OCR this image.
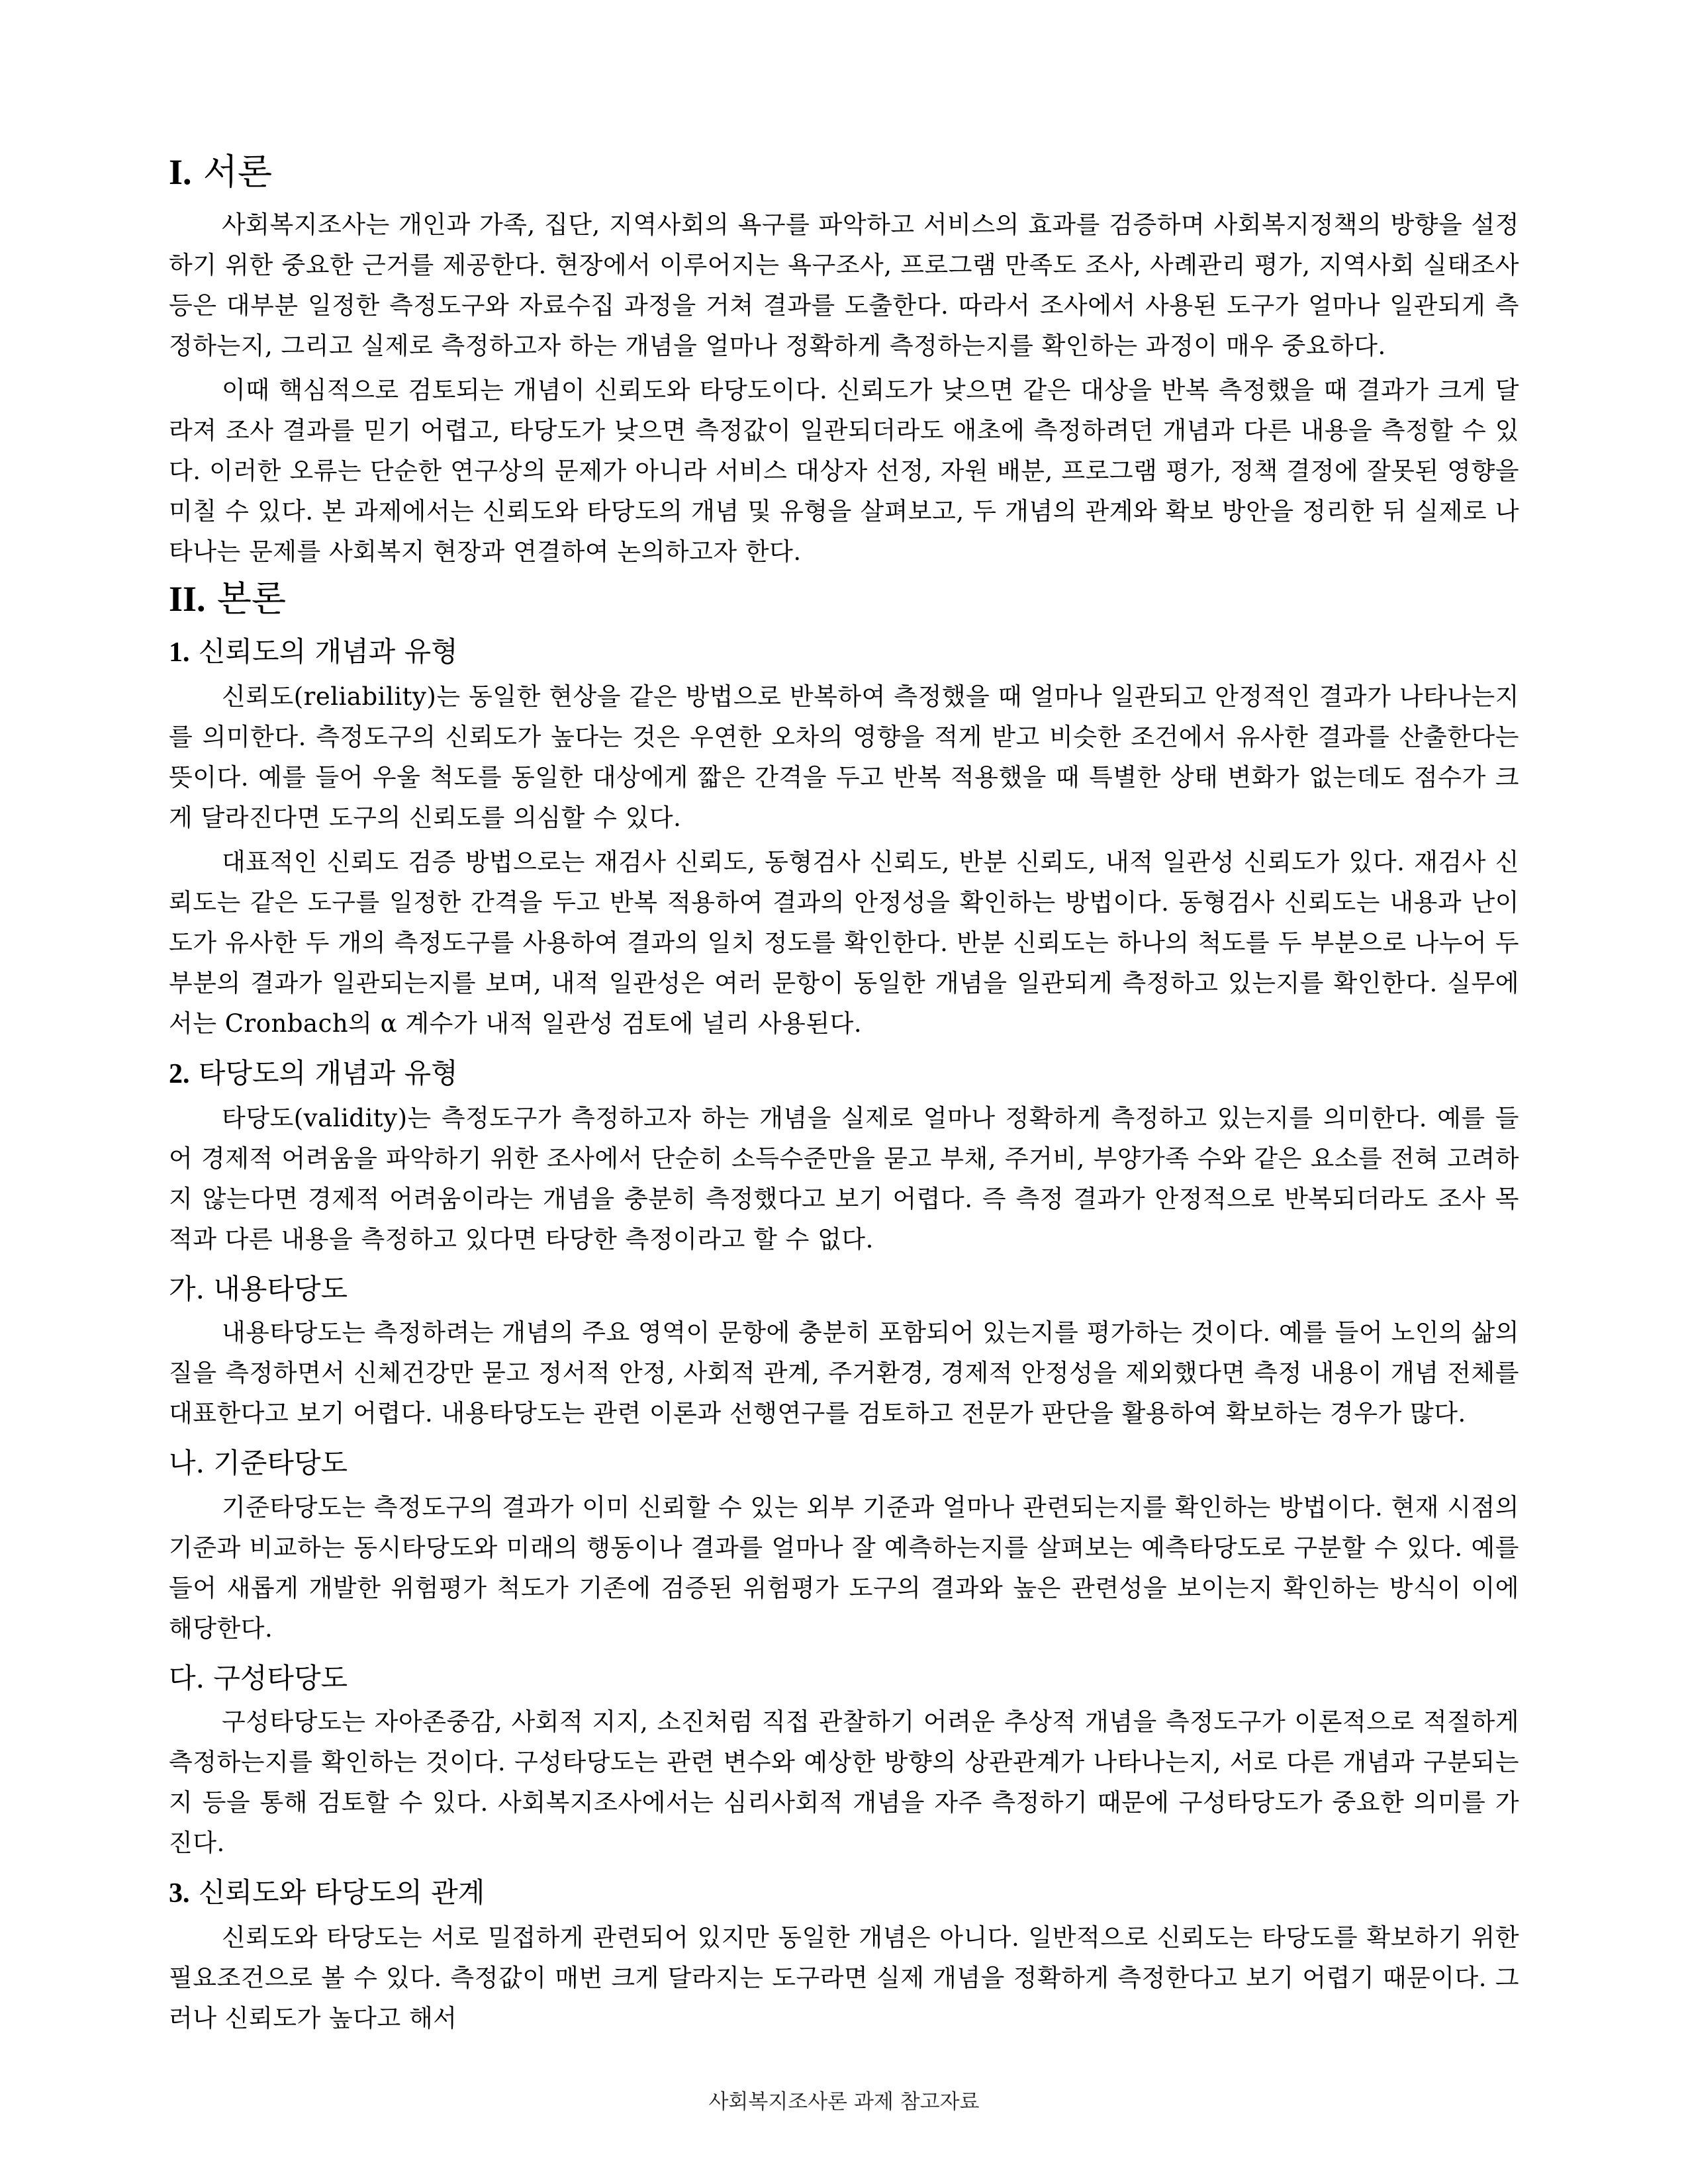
I. 서론

사회복지조사는 개인과 가족, 집단, 지역사회의 욕구를 파악하고 서비스의 효과를 검증하며 사회복지정책의 방향을 설정하기 위한 중요한 근거를 제공한다. 현장에서 이루어지는 욕구조사, 프로그램 만족도 조사, 사례관리 평가, 지역사회 실태조사 등은 대부분 일정한 측정도구와 자료수집 과정을 거쳐 결과를 도출한다. 따라서 조사에서 사용된 도구가 얼마나 일관되게 측정하는지, 그리고 실제로 측정하고자 하는 개념을 얼마나 정확하게 측정하는지를 확인하는 과정이 매우 중요하다.

이때 핵심적으로 검토되는 개념이 신뢰도와 타당도이다. 신뢰도가 낮으면 같은 대상을 반복 측정했을 때 결과가 크게 달라져 조사 결과를 믿기 어렵고, 타당도가 낮으면 측정값이 일관되더라도 애초에 측정하려던 개념과 다른 내용을 측정할 수 있다. 이러한 오류는 단순한 연구상의 문제가 아니라 서비스 대상자 선정, 자원 배분, 프로그램 평가, 정책 결정에 잘못된 영향을 미칠 수 있다. 본 과제에서는 신뢰도와 타당도의 개념 및 유형을 살펴보고, 두 개념의 관계와 확보 방안을 정리한 뒤 실제로 나타나는 문제를 사회복지 현장과 연결하여 논의하고자 한다.

II. 본론
1. 신뢰도의 개념과 유형

신뢰도(reliability)는 동일한 현상을 같은 방법으로 반복하여 측정했을 때 얼마나 일관되고 안정적인 결과가 나타나는지를 의미한다. 측정도구의 신뢰도가 높다는 것은 우연한 오차의 영향을 적게 받고 비슷한 조건에서 유사한 결과를 산출한다는 뜻이다. 예를 들어 우울 척도를 동일한 대상에게 짧은 간격을 두고 반복 적용했을 때 특별한 상태 변화가 없는데도 점수가 크게 달라진다면 도구의 신뢰도를 의심할 수 있다.

대표적인 신뢰도 검증 방법으로는 재검사 신뢰도, 동형검사 신뢰도, 반분 신뢰도, 내적 일관성 신뢰도가 있다. 재검사 신뢰도는 같은 도구를 일정한 간격을 두고 반복 적용하여 결과의 안정성을 확인하는 방법이다. 동형검사 신뢰도는 내용과 난이도가 유사한 두 개의 측정도구를 사용하여 결과의 일치 정도를 확인한다. 반분 신뢰도는 하나의 척도를 두 부분으로 나누어 두 부분의 결과가 일관되는지를 보며, 내적 일관성은 여러 문항이 동일한 개념을 일관되게 측정하고 있는지를 확인한다. 실무에서는 Cronbach의 α 계수가 내적 일관성 검토에 널리 사용된다.

2. 타당도의 개념과 유형

타당도(validity)는 측정도구가 측정하고자 하는 개념을 실제로 얼마나 정확하게 측정하고 있는지를 의미한다. 예를 들어 경제적 어려움을 파악하기 위한 조사에서 단순히 소득수준만을 묻고 부채, 주거비, 부양가족 수와 같은 요소를 전혀 고려하지 않는다면 경제적 어려움이라는 개념을 충분히 측정했다고 보기 어렵다. 즉 측정 결과가 안정적으로 반복되더라도 조사 목적과 다른 내용을 측정하고 있다면 타당한 측정이라고 할 수 없다.

가. 내용타당도

내용타당도는 측정하려는 개념의 주요 영역이 문항에 충분히 포함되어 있는지를 평가하는 것이다. 예를 들어 노인의 삶의 질을 측정하면서 신체건강만 묻고 정서적 안정, 사회적 관계, 주거환경, 경제적 안정성을 제외했다면 측정 내용이 개념 전체를 대표한다고 보기 어렵다. 내용타당도는 관련 이론과 선행연구를 검토하고 전문가 판단을 활용하여 확보하는 경우가 많다.

나. 기준타당도

기준타당도는 측정도구의 결과가 이미 신뢰할 수 있는 외부 기준과 얼마나 관련되는지를 확인하는 방법이다. 현재 시점의 기준과 비교하는 동시타당도와 미래의 행동이나 결과를 얼마나 잘 예측하는지를 살펴보는 예측타당도로 구분할 수 있다. 예를 들어 새롭게 개발한 위험평가 척도가 기존에 검증된 위험평가 도구의 결과와 높은 관련성을 보이는지 확인하는 방식이 이에 해당한다.

다. 구성타당도

구성타당도는 자아존중감, 사회적 지지, 소진처럼 직접 관찰하기 어려운 추상적 개념을 측정도구가 이론적으로 적절하게 측정하는지를 확인하는 것이다. 구성타당도는 관련 변수와 예상한 방향의 상관관계가 나타나는지, 서로 다른 개념과 구분되는지 등을 통해 검토할 수 있다. 사회복지조사에서는 심리사회적 개념을 자주 측정하기 때문에 구성타당도가 중요한 의미를 가진다.

3. 신뢰도와 타당도의 관계

신뢰도와 타당도는 서로 밀접하게 관련되어 있지만 동일한 개념은 아니다. 일반적으로 신뢰도는 타당도를 확보하기 위한 필요조건으로 볼 수 있다. 측정값이 매번 크게 달라지는 도구라면 실제 개념을 정확하게 측정한다고 보기 어렵기 때문이다. 그러나 신뢰도가 높다고 해서

사회복지조사론 과제 참고자료
